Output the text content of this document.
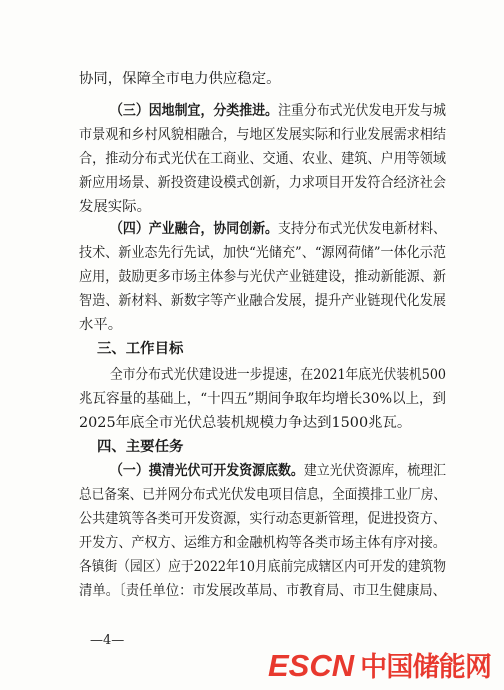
协同，保障全市电力供应稳定。
（三）因地制宜，分类推进。注重分布式光伏发电开发与城
市景观和乡村风貌相融合，与地区发展实际和行业发展需求相结
合，推动分布式光伏在工商业、交通、农业、建筑、户用等领域
新应用场景、新投资建设模式创新，力求项目开发符合经济社会
发展实际。
（四）产业融合，协同创新。支持分布式光伏发电新材料、
技术、新业态先行先试，加快“光储充”、“源网荷储”一体化示范
应用，鼓励更多市场主体参与光伏产业链建设，推动新能源、新
智造、新材料、新数字等产业融合发展，提升产业链现代化发展
水平。
三、工作目标
全市分布式光伏建设进一步提速，在2021年底光伏装机500
兆瓦容量的基础上，“十四五”期间争取年均增长30%以上，到
2025年底全市光伏总装机规模力争达到1500兆瓦。
四、主要任务
（一）摸清光伏可开发资源底数。建立光伏资源库，梳理汇
总已备案、已并网分布式光伏发电项目信息，全面摸排工业厂房、
公共建筑等各类可开发资源，实行动态更新管理，促进投资方、
开发方、产权方、运维方和金融机构等各类市场主体有序对接。
各镇街（园区）应于2022年10月底前完成辖区内可开发的建筑物
清单。〔责任单位：市发展改革局、市教育局、市卫生健康局、
—4—
ESCN 中国储能网
